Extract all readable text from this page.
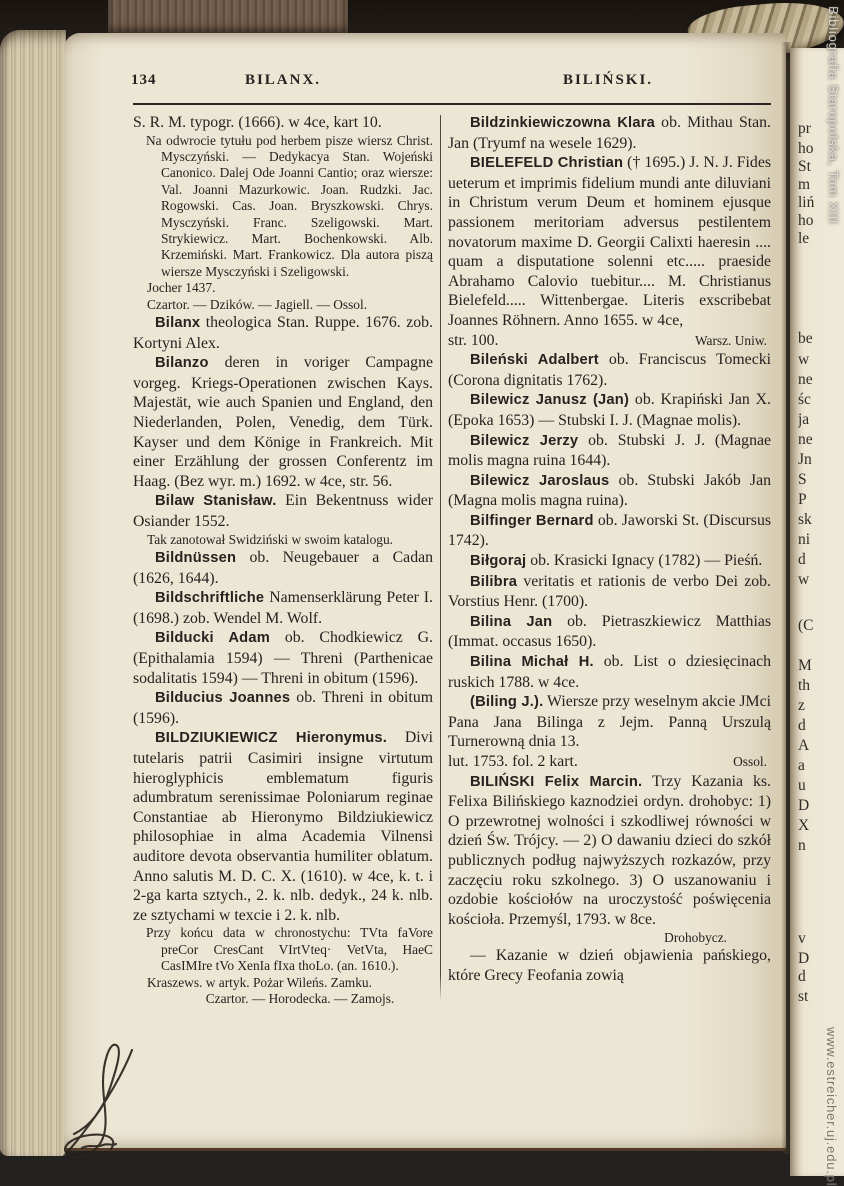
pr
ho
St
m
liń
ho
le
be
w
ne
śc
ja
ne
Jn
S
P
sk
ni
d
w
(C
M
th
z
d
A
a
u
D
X
n
v
D
d
st
134	BILANX.	BILIŃSKI.

S. R. M. typogr. (1666). w 4ce, kart 10.

Na odwrocie tytułu pod herbem pisze wiersz Christ. Mysczyński. — Dedykacya Stan. Wojeński Canonico. Dalej Ode Joanni Cantio; oraz wiersze: Val. Joanni Mazurkowic. Joan. Rudzki. Jac. Rogowski. Cas. Joan. Bryszkowski. Chrys. Mysczyński. Franc. Szeligowski. Mart. Strykiewicz. Mart. Bochenkowski. Alb. Krzemiński. Mart. Frankowicz. Dla autora piszą wiersze Mysczyński i Szeligowski.

Jocher 1437.

Czartor. — Dzików. — Jagiell. — Ossol.

Bilanx theologica Stan. Ruppe. 1676. zob. Kortyni Alex.

Bilanzo deren in voriger Campagne vorgeg. Kriegs-Operationen zwischen Kays. Majestät, wie auch Spanien und England, den Niederlanden, Polen, Venedig, dem Türk. Kayser und dem Könige in Frankreich. Mit einer Erzählung der grossen Conferentz im Haag. (Bez wyr. m.) 1692. w 4ce, str. 56.

Bilaw Stanisław. Ein Bekentnuss wider Osiander 1552.

Tak zanotował Swidziński w swoim katalogu.

Bildnüssen ob. Neugebauer a Cadan (1626, 1644).

Bildschriftliche Namenserklärung Peter I. (1698.) zob. Wendel M. Wolf.

Bilducki Adam ob. Chodkiewicz G. (Epithalamia 1594) — Threni (Parthenicae sodalitatis 1594) — Threni in obitum (1596).

Bilducius Joannes ob. Threni in obitum (1596).

BILDZIUKIEWICZ Hieronymus. Divi tutelaris patrii Casimiri insigne virtutum hieroglyphicis emblematum figuris adumbratum serenissimae Poloniarum reginae Constantiae ab Hieronymo Bildziukiewicz philosophiae in alma Academia Vilnensi auditore devota observantia humiliter oblatum. Anno salutis M. D. C. X. (1610). w 4ce, k. t. i 2-ga karta sztych., 2. k. nlb. dedyk., 24 k. nlb. ze sztychami w texcie i 2. k. nlb.

Przy końcu data w chronostychu: TVta faVore preCor CresCant VIrtVteq· VetVta, HaeC CasIMIre tVo XenIa fIxa thoLo. (an. 1610.).

Kraszews. w artyk. Pożar Wileńs. Zamku.

Czartor. — Horodecka. — Zamojs.

Bildzinkiewiczowna Klara ob. Mithau Stan. Jan (Tryumf na wesele 1629).

BIELEFELD Christian († 1695.) J. N. J. Fides ueterum et imprimis fidelium mundi ante diluviani in Christum verum Deum et hominem ejusque passionem meritoriam adversus pestilentem novatorum maxime D. Georgii Calixti haeresin .... quam a disputatione solenni etc..... praeside Abrahamo Calovio tuebitur.... M. Christianus Bielefeld..... Wittenbergae. Literis exscribebat Joannes Röhnern. Anno 1655. w 4ce,

str. 100.	Warsz. Uniw.

Bileński Adalbert ob. Franciscus Tomecki (Corona dignitatis 1762).

Bilewicz Janusz (Jan) ob. Krapiński Jan X. (Epoka 1653) — Stubski I. J. (Magnae molis).

Bilewicz Jerzy ob. Stubski J. J. (Magnae molis magna ruina 1644).

Bilewicz Jaroslaus ob. Stubski Jakób Jan (Magna molis magna ruina).

Bilfinger Bernard ob. Jaworski St. (Discursus 1742).

Biłgoraj ob. Krasicki Ignacy (1782) — Pieśń.

Bilibra veritatis et rationis de verbo Dei zob. Vorstius Henr. (1700).

Bilina Jan ob. Pietraszkiewicz Matthias (Immat. occasus 1650).

Bilina Michał H. ob. List o dziesięcinach ruskich 1788. w 4ce.

(Biling J.). Wiersze przy weselnym akcie JMci Pana Jana Bilinga z Jejm. Panną Urszulą Turnerowną dnia 13.

lut. 1753. fol. 2 kart.	Ossol.

BILIŃSKI Felix Marcin. Trzy Kazania ks. Felixa Bilińskiego kaznodziei ordyn. drohobyc: 1) O przewrotnej wolności i szkodliwej równości w dzień Św. Trójcy. — 2) O dawaniu dzieci do szkół publicznych podług najwyższych rozkazów, przy zaczęciu roku szkolnego. 3) O uszanowaniu i ozdobie kościołów na uroczystość poświęcenia kościoła. Przemyśl, 1793. w 8ce.

Drohobycz.

— Kazanie w dzień objawienia pańskiego, które Grecy Feofania zowią

Bibliografia Staropolska, Tom XIII
www.estreicher.uj.edu.pl
